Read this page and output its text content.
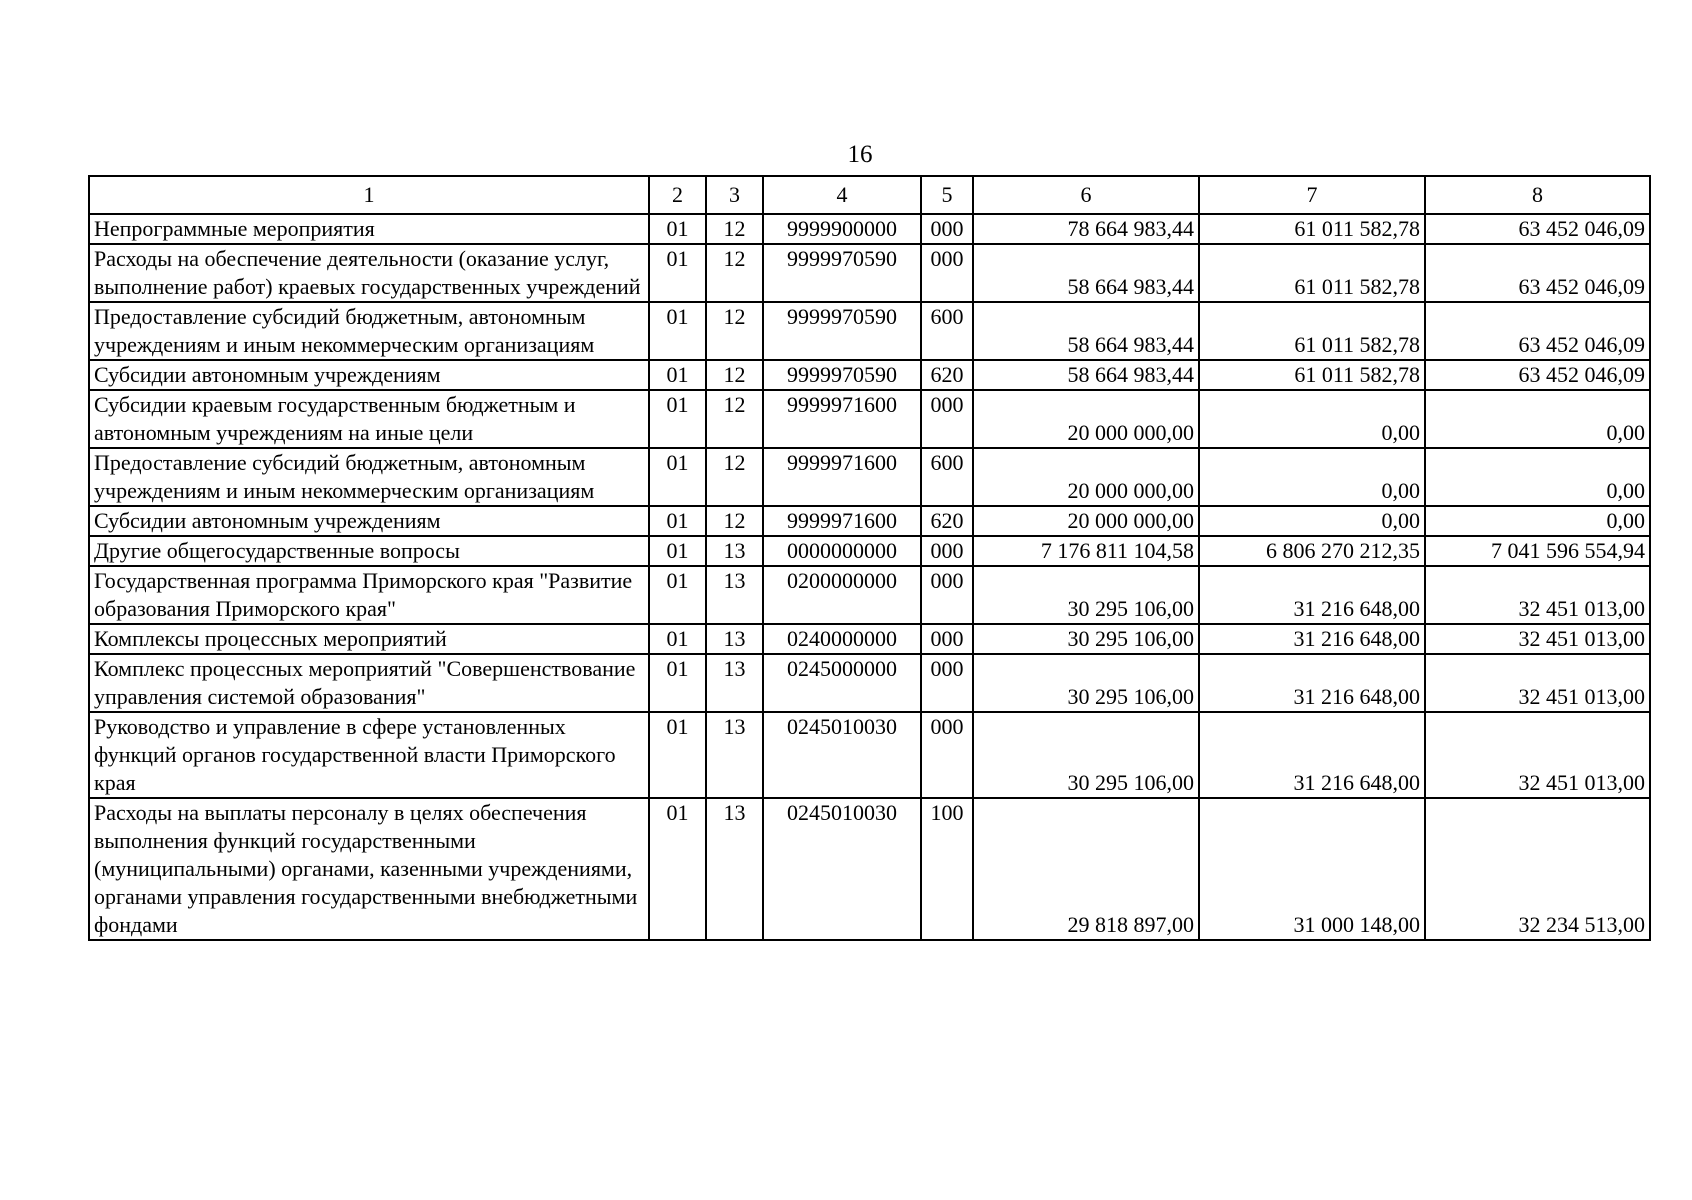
16
1	2	3	4	5	6	7	8
Непрограммные мероприятия	01	12	9999900000	000	78 664 983,44	61 011 582,78	63 452 046,09
Расходы на обеспечение деятельности (оказание услуг, выполнение работ) краевых государственных учреждений	01	12	9999970590	000	58 664 983,44	61 011 582,78	63 452 046,09
Предоставление субсидий бюджетным, автономным учреждениям и иным некоммерческим организациям	01	12	9999970590	600	58 664 983,44	61 011 582,78	63 452 046,09
Субсидии автономным учреждениям	01	12	9999970590	620	58 664 983,44	61 011 582,78	63 452 046,09
Субсидии краевым государственным бюджетным и автономным учреждениям на иные цели	01	12	9999971600	000	20 000 000,00	0,00	0,00
Предоставление субсидий бюджетным, автономным учреждениям и иным некоммерческим организациям	01	12	9999971600	600	20 000 000,00	0,00	0,00
Субсидии автономным учреждениям	01	12	9999971600	620	20 000 000,00	0,00	0,00
Другие общегосударственные вопросы	01	13	0000000000	000	7 176 811 104,58	6 806 270 212,35	7 041 596 554,94
Государственная программа Приморского края "Развитие образования Приморского края"	01	13	0200000000	000	30 295 106,00	31 216 648,00	32 451 013,00
Комплексы процессных мероприятий	01	13	0240000000	000	30 295 106,00	31 216 648,00	32 451 013,00
Комплекс процессных мероприятий "Совершенствование управления системой образования"	01	13	0245000000	000	30 295 106,00	31 216 648,00	32 451 013,00
Руководство и управление в сфере установленных функций органов государственной власти Приморского края	01	13	0245010030	000	30 295 106,00	31 216 648,00	32 451 013,00
Расходы на выплаты персоналу в целях обеспечения выполнения функций государственными (муниципальными) органами, казенными учреждениями, органами управления государственными внебюджетными фондами	01	13	0245010030	100	29 818 897,00	31 000 148,00	32 234 513,00
